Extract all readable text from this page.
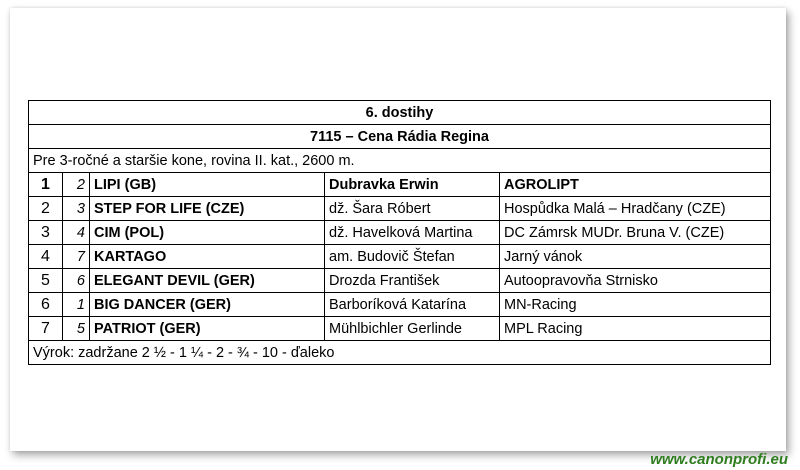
6. dostihy				
7115 – Cena Rádia Regina				
Pre 3-ročné a staršie kone, rovina II. kat., 2600 m.				
1	2	LIPI (GB)	Dubravka Erwin	AGROLIPT
2	3	STEP FOR LIFE (CZE)	dž. Šara Róbert	Hospůdka Malá – Hradčany (CZE)
3	4	CIM (POL)	dž. Havelková Martina	DC Zámrsk MUDr. Bruna V. (CZE)
4	7	KARTAGO	am. Budovič Štefan	Jarný vánok
5	6	ELEGANT DEVIL (GER)	Drozda František	Autoopravovňa Strnisko
6	1	BIG DANCER (GER)	Barboríková Katarína	MN-Racing
7	5	PATRIOT (GER)	Mühlbichler Gerlinde	MPL Racing
Výrok: zadržane 2 ½ - 1 ¼ - 2 - ¾ - 10 - ďaleko				
www.canonprofi.eu
